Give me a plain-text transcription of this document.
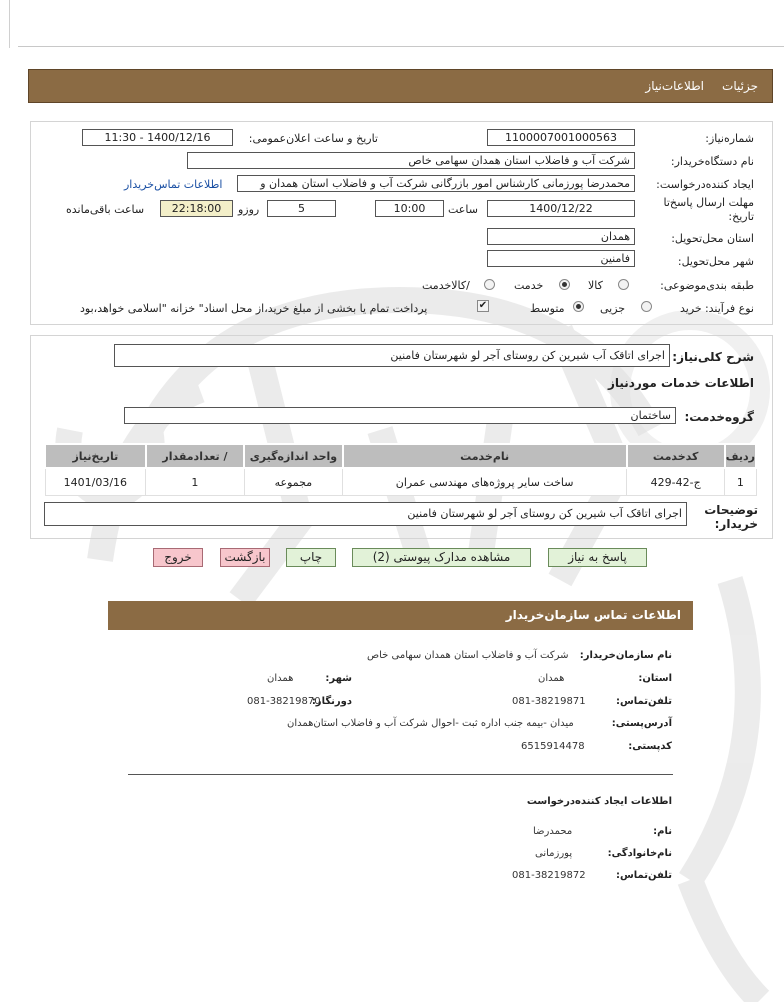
جزئیات
اطلاعات‌نیاز
شماره‌نیاز:
1100007001000563
تاریخ و ساعت اعلان‌عمومی:
1400/12/16 - 11:30
نام دستگاه‌خریدار:
شرکت آب و فاضلاب استان همدان سهامی خاص
ایجاد کننده‌درخواست:
محمدرضا پورزمانی کارشناس امور بازرگانی شرکت آب و فاضلاب استان همدان و
اطلاعات تماس‌خریدار
مهلت ارسال پاسخ‌تا تاریخ:
1400/12/22
ساعت
10:00
5
روزو
22:18:00
ساعت باقی‌مانده
استان محل‌تحویل:
همدان
شهر محل‌تحویل:
فامنین
طبقه بندی‌موضوعی:
کالا
خدمت
/کالاخدمت
نوع فرآیند:
خرید
جزیی
متوسط
✔
پرداخت تمام یا بخشی از مبلغ خرید،از محل اسناد" خزانه "اسلامی خواهد،بود
شرح کلی‌نیاز:
اجرای اتاقک آب شیرین کن روستای آجر لو شهرستان فامنین
اطلاعات خدمات موردنیاز
گروه‌خدمت:
ساختمان
ردیف	کدخدمت	نام‌خدمت	واحد اندازه‌گیری	/ تعدادمقدار	تاریخ‌نیاز
1	ج-42-429	ساخت سایر پروژه‌های مهندسی عمران	مجموعه	1	1401/03/16
توضیحات خریدار:
اجرای اتاقک آب شیرین کن روستای آجر لو شهرستان فامنین
پاسخ به نیاز
مشاهده مدارک پیوستی (2)
چاپ
بازگشت
خروج
اطلاعات تماس سازمان‌خریدار
نام سازمان‌خریدار:
شرکت آب و فاضلاب استان همدان سهامی خاص
استان:
همدان
شهر:
همدان
تلفن‌تماس:
081-38219871
دورنگار:
081-38219870
آدرس‌پستی:
میدان -بیمه جنب اداره ثبت -احوال شرکت آب و فاضلاب استان‌همدان
کدپستی:
6515914478
اطلاعات ایجاد کننده‌درخواست
نام:
محمدرضا
نام‌خانوادگی:
پورزمانی
تلفن‌تماس:
081-38219872
